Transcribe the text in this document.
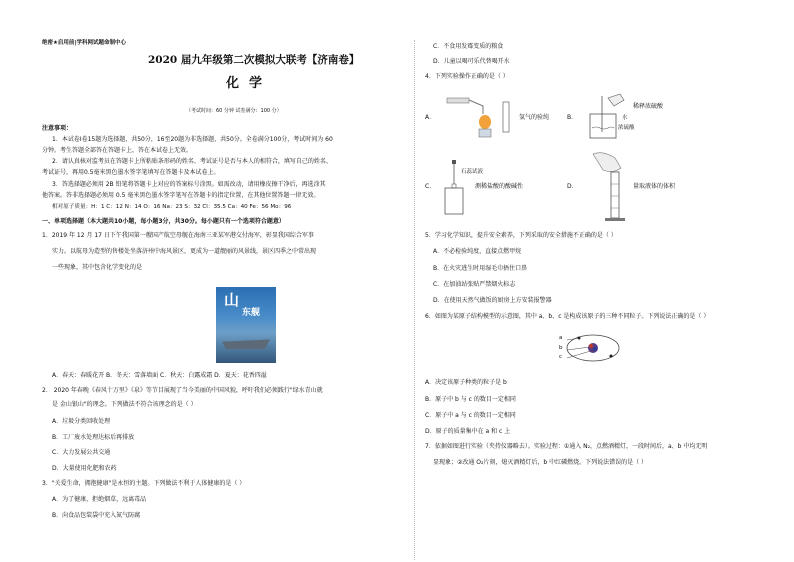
绝密★启用前|学科网试题命制中心
2020 届九年级第二次模拟大联考【济南卷】
化学
（考试时间：60 分钟 试卷满分：100 分）
注意事项：
1．本试卷Ⅰ卷15题为选择题，共50分，16至20题为非选择题，共50分。全卷满分100分，考试时间为 60
分钟。考生答题全部答在答题卡上，答在本试卷上无效。
2．请认真核对监考员在答题卡上所粘贴条形码的姓名、考试证号是否与本人的相符合，填写自己的姓名、
考试证号，再用0.5毫米黑色墨水签字笔填写在答题卡及本试卷上。
3．答选择题必须用 2B 铅笔将答题卡上对应的答案标号涂黑。如需改动，请用橡皮擦干净后，再选涂其
他答案。答非选择题必须用 0.5 毫米黑色墨水签字笔写在答题卡的指定位置，在其他位置答题一律无效。
相对原子质量：H：1 C：12 N：14 O：16 Na：23 S：32 Cl：35.5 Ca：40 Fe：56 Mo：96
一、单项选择题（本大题共10小题，每小题3分，共30分。每小题只有一个选项符合题意）
1．2019 年 12 月 17 日下午我国第一艘国产航空母舰在海南三亚某军港交付海军，彰显我国综合军事
实力。以航母为造型的售楼处坐落济州中海风景区，更成为一道靓丽的风景线，景区四季之中常出现
一些现象，其中包含化学变化的是
山
东舰
A．春天：春暖花开 B．冬天：雪落墙面 C．秋天：白露成霜 D．夏天：花香四溢
2． 2020 年春晚《春风十万里》《泉》等节目展现了当今美丽的中国风貌，呼吁我们必须践行"绿水青山就
是 金山银山"的理念。下列做法不符合该理念的是（ ）
A．垃圾分类回收处理
B．工厂废水处理达标后再排放
C．大力发展公共交通
D．大量使用化肥和农药
3．"关爱生命，拥抱健康"是永恒的主题。下列做法不利于人体健康的是（ ）
A．为了健康，拒绝烟草，远离毒品
B．向食品包装袋中充入氮气防腐
C．不食用发霉变质的粮食
D．儿童以喝可乐代替喝开水
4．下列实验操作正确的是（ ）
A．	氢气的验纯	B．	水
浓硫酸
稀释浓硫酸
C．
石蕊试液
测稀盐酸的酸碱性	D．	量取液体的体积
5．学习化学知识，提升安全素养，下列采取的安全措施不正确的是（ ）
A．不必检验纯度，直接点燃甲烷
B．在火灾逃生时用湿毛巾捂住口鼻
C．在加油站张贴严禁烟火标志
D．在使用天然气做饭的厨房上方安装报警器
6．如图为某原子结构模型的示意图，其中 a、b、c 是构成该原子的三种不同粒子。下列说法正确的是（ ）
a
b
c
A．决定该原子种类的粒子是 b
B．原子中 b 与 c 的数目一定相同
C．原子中 a 与 c 的数目一定相同
D．原子的质量集中在 a 和 c 上
7．依据如图进行实验（夹持仪器略去）。实验过程：①通入 N₂，点燃酒精灯，一段时间后，a、b 中均无明
显现象；②改通 O₂片刻，熄灭酒精灯后，b 中红磷燃烧。下列说法错误的是（ ）
